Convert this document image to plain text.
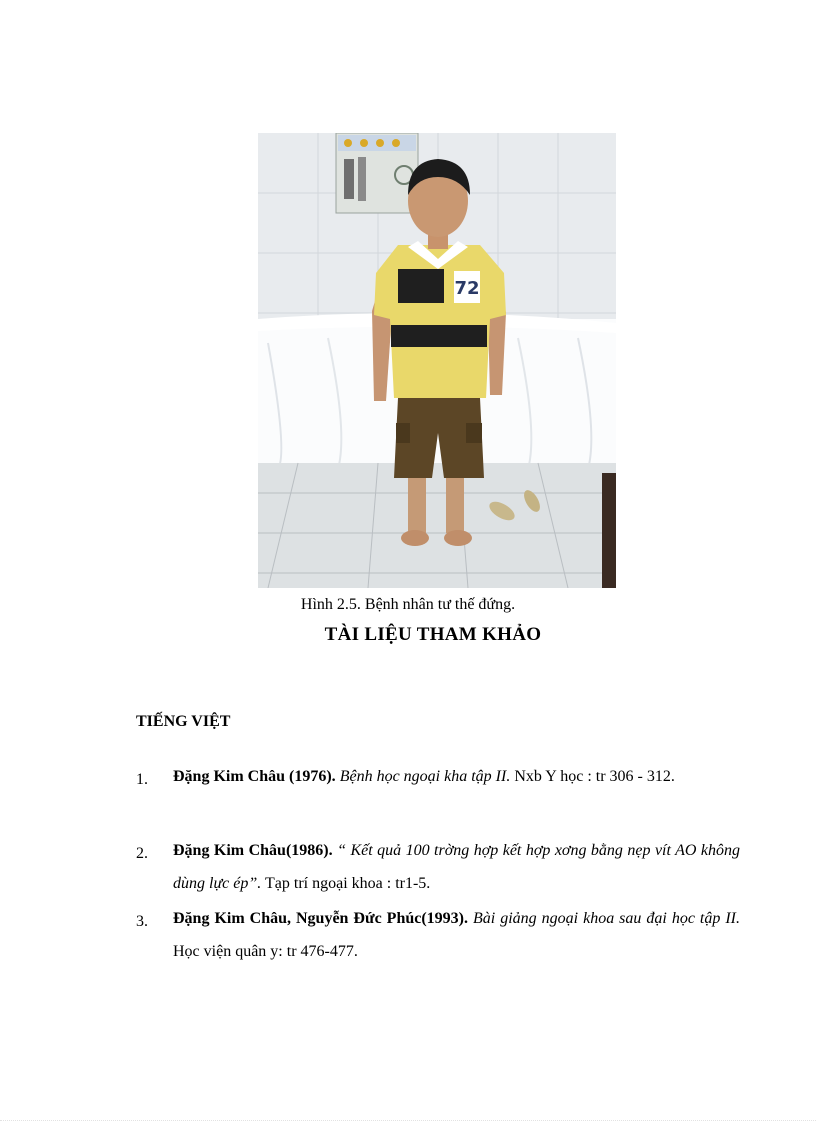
72
Hình 2.5. Bệnh nhân tư thế đứng.
TÀI LIỆU THAM KHẢO
TIẾNG VIỆT
1. Đặng Kim Châu (1976). Bệnh học ngoại kha tập II. Nxb Y học : tr 306 - 312.
2. Đặng Kim Châu(1986). “ Kết quả 100 trờng hợp kết hợp xơng bằng nẹp vít AO không dùng lực ép”. Tạp trí ngoại khoa : tr1-5.
3. Đặng Kim Châu, Nguyễn Đức Phúc(1993). Bài giảng ngoại khoa sau đại học tập II. Học viện quân y: tr 476-477.
